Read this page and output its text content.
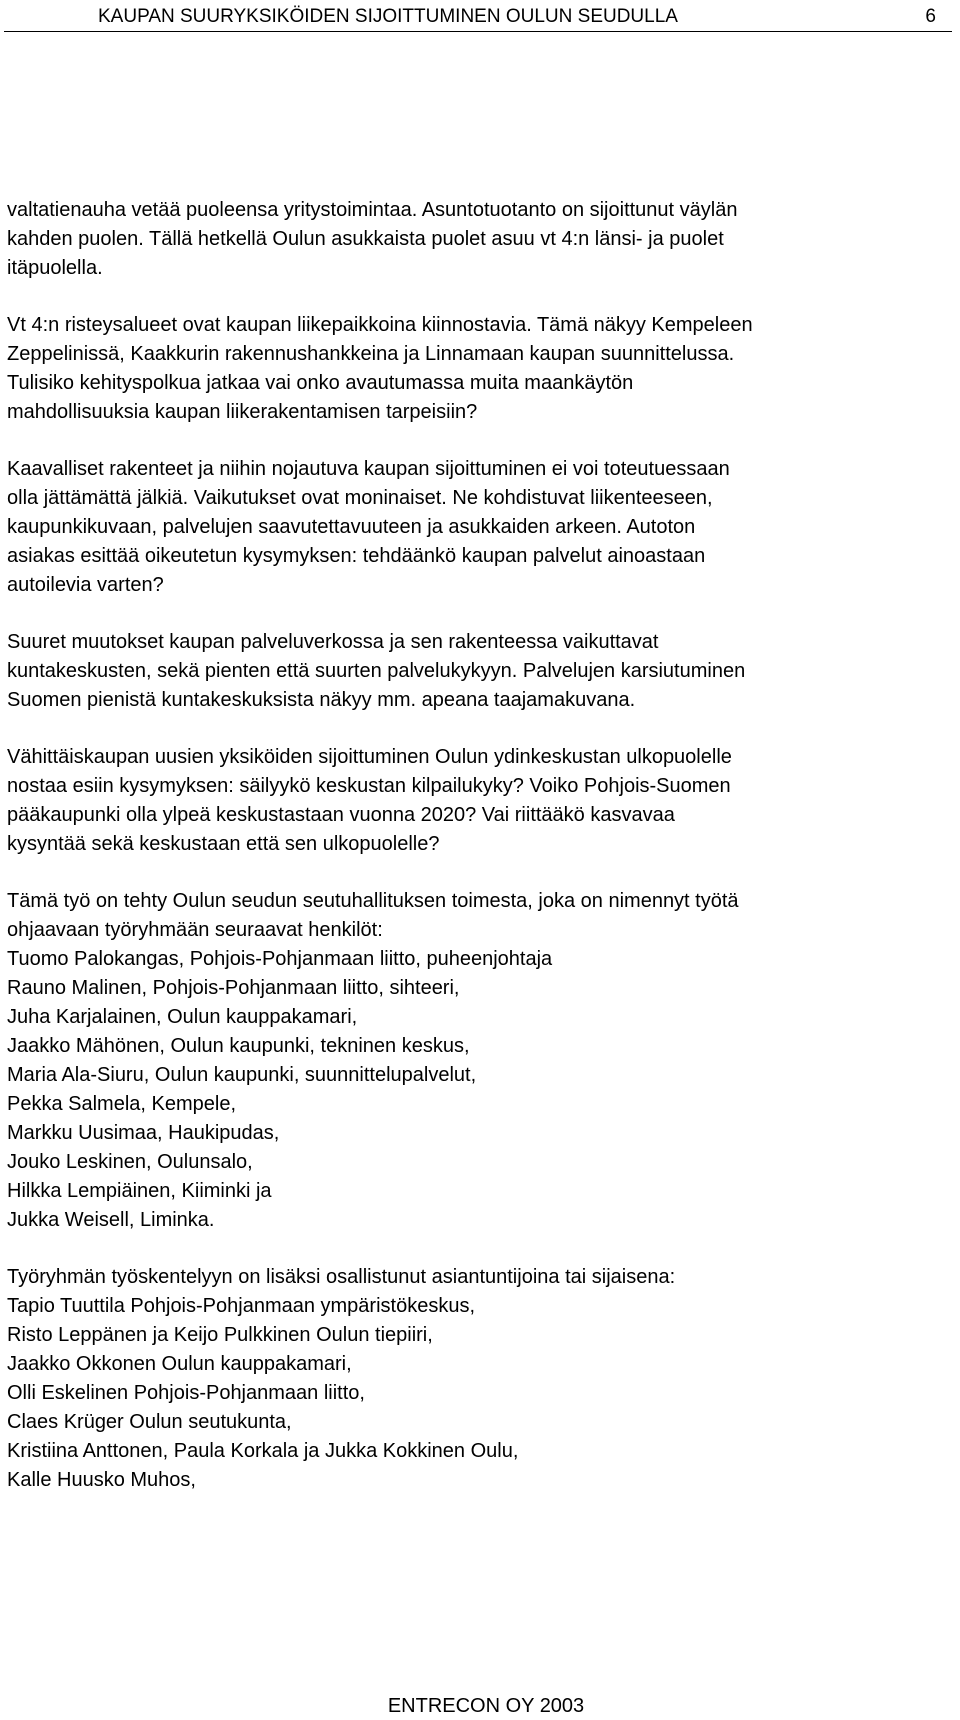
KAUPAN SUURYKSIKÖIDEN SIJOITTUMINEN OULUN SEUDULLA	6
valtatienauha vetää puoleensa yritystoimintaa. Asuntotuotanto on sijoittunut väylän
kahden puolen. Tällä hetkellä Oulun asukkaista puolet asuu vt 4:n länsi- ja puolet
itäpuolella.
Vt 4:n risteysalueet ovat kaupan liikepaikkoina kiinnostavia. Tämä näkyy Kempeleen
Zeppelinissä, Kaakkurin rakennushankkeina ja Linnamaan kaupan suunnittelussa.
Tulisiko kehityspolkua jatkaa vai onko avautumassa muita maankäytön
mahdollisuuksia kaupan liikerakentamisen tarpeisiin?
Kaavalliset rakenteet ja niihin nojautuva kaupan sijoittuminen ei voi toteutuessaan
olla jättämättä jälkiä. Vaikutukset ovat moninaiset. Ne kohdistuvat liikenteeseen,
kaupunkikuvaan, palvelujen saavutettavuuteen ja asukkaiden arkeen. Autoton
asiakas esittää oikeutetun kysymyksen: tehdäänkö kaupan palvelut ainoastaan
autoilevia varten?
Suuret muutokset kaupan palveluverkossa ja sen rakenteessa vaikuttavat
kuntakeskusten, sekä pienten että suurten palvelukykyyn. Palvelujen karsiutuminen
Suomen pienistä kuntakeskuksista näkyy mm. apeana taajamakuvana.
Vähittäiskaupan uusien yksiköiden sijoittuminen Oulun ydinkeskustan ulkopuolelle
nostaa esiin kysymyksen: säilyykö keskustan kilpailukyky? Voiko Pohjois-Suomen
pääkaupunki olla ylpeä keskustastaan vuonna 2020? Vai riittääkö kasvavaa
kysyntää sekä keskustaan että sen ulkopuolelle?
Tämä työ on tehty Oulun seudun seutuhallituksen toimesta, joka on nimennyt työtä
ohjaavaan työryhmään seuraavat henkilöt:
Tuomo Palokangas, Pohjois-Pohjanmaan liitto, puheenjohtaja
Rauno Malinen, Pohjois-Pohjanmaan liitto, sihteeri,
Juha Karjalainen, Oulun kauppakamari,
Jaakko Mähönen, Oulun kaupunki, tekninen keskus,
Maria Ala-Siuru, Oulun kaupunki, suunnittelupalvelut,
Pekka Salmela, Kempele,
Markku Uusimaa, Haukipudas,
Jouko Leskinen, Oulunsalo,
Hilkka Lempiäinen, Kiiminki ja
Jukka Weisell, Liminka.
Työryhmän työskentelyyn on lisäksi osallistunut asiantuntijoina tai sijaisena:
Tapio Tuuttila Pohjois-Pohjanmaan ympäristökeskus,
Risto Leppänen ja Keijo Pulkkinen Oulun tiepiiri,
Jaakko Okkonen Oulun kauppakamari,
Olli Eskelinen Pohjois-Pohjanmaan liitto,
Claes Krüger Oulun seutukunta,
Kristiina Anttonen, Paula Korkala ja Jukka Kokkinen Oulu,
Kalle Huusko Muhos,
ENTRECON OY 2003
